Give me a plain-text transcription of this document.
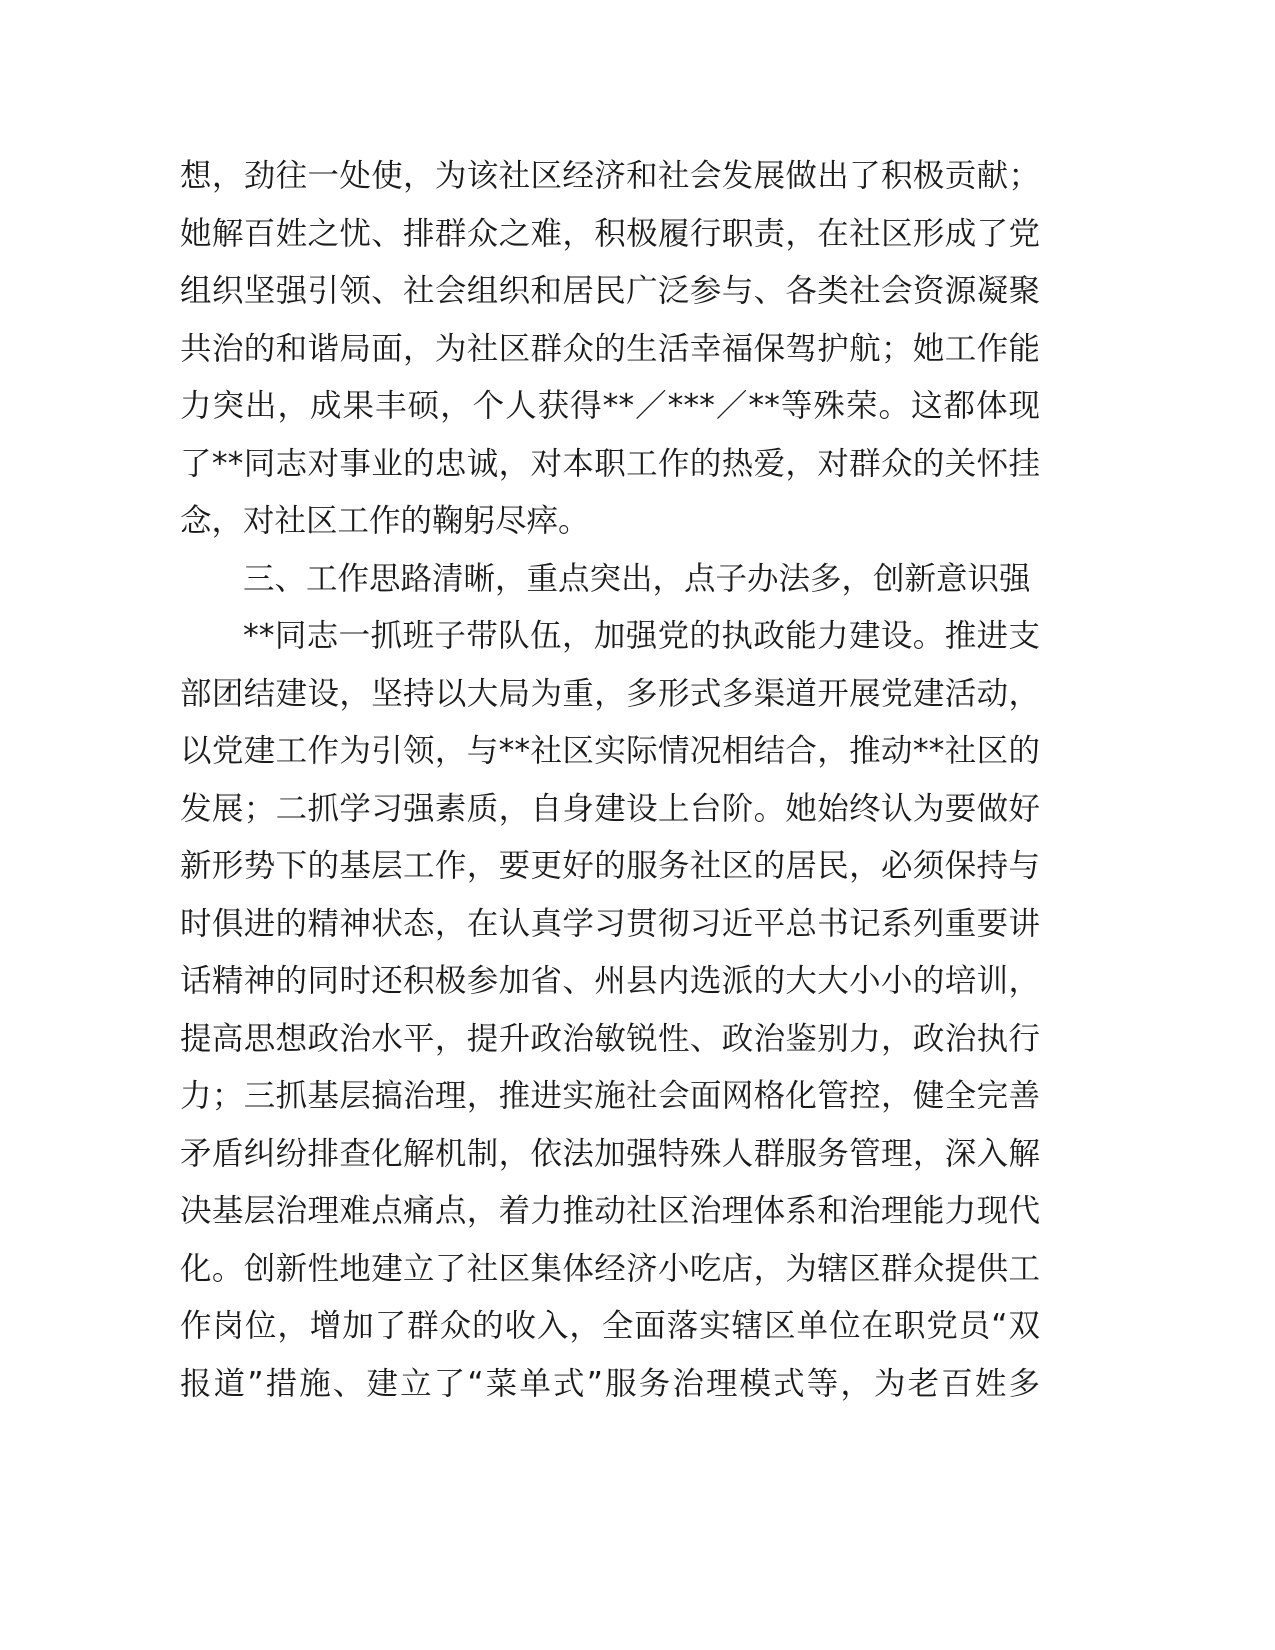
想，劲往一处使，为该社区经济和社会发展做出了积极贡献；
她解百姓之忧、排群众之难，积极履行职责，在社区形成了党
组织坚强引领、社会组织和居民广泛参与、各类社会资源凝聚
共治的和谐局面，为社区群众的生活幸福保驾护航；她工作能
力突出，成果丰硕，个人获得**／***／**等殊荣。这都体现
了**同志对事业的忠诚，对本职工作的热爱，对群众的关怀挂
念，对社区工作的鞠躬尽瘁。
三、工作思路清晰，重点突出，点子办法多，创新意识强
**同志一抓班子带队伍，加强党的执政能力建设。推进支
部团结建设，坚持以大局为重，多形式多渠道开展党建活动，
以党建工作为引领，与**社区实际情况相结合，推动**社区的
发展；二抓学习强素质，自身建设上台阶。她始终认为要做好
新形势下的基层工作，要更好的服务社区的居民，必须保持与
时俱进的精神状态，在认真学习贯彻习近平总书记系列重要讲
话精神的同时还积极参加省、州县内选派的大大小小的培训，
提高思想政治水平，提升政治敏锐性、政治鉴别力，政治执行
力；三抓基层搞治理，推进实施社会面网格化管控，健全完善
矛盾纠纷排查化解机制，依法加强特殊人群服务管理，深入解
决基层治理难点痛点，着力推动社区治理体系和治理能力现代
化。创新性地建立了社区集体经济小吃店，为辖区群众提供工
作岗位，增加了群众的收入，全面落实辖区单位在职党员“双
报道”措施、建立了“菜单式”服务治理模式等，为老百姓多
